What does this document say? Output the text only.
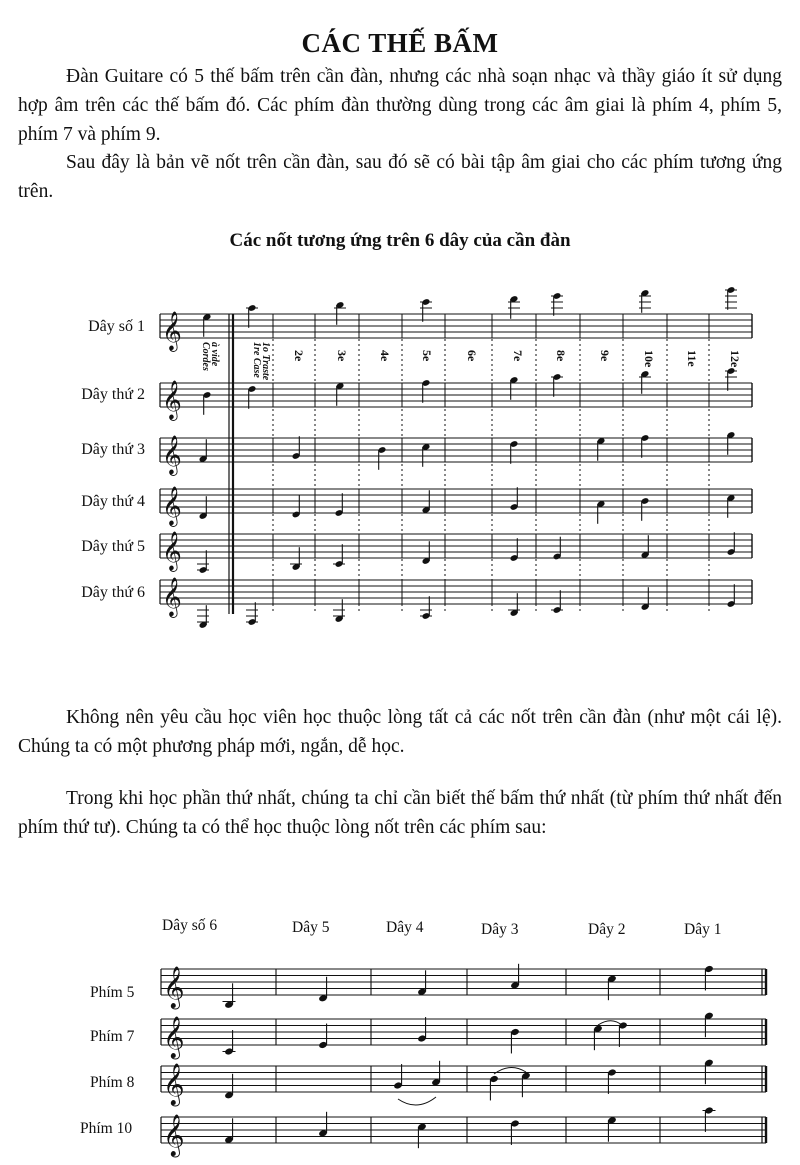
CÁC THẾ BẤM

Đàn Guitare có 5 thế bấm trên cần đàn, nhưng các nhà soạn nhạc và thầy giáo ít sử dụng hợp âm trên các thế bấm đó. Các phím đàn thường dùng trong các âm giai là phím 4, phím 5, phím 7 và phím 9.

Sau đây là bản vẽ nốt trên cần đàn, sau đó sẽ có bài tập âm giai cho các phím tương ứng trên.

Các nốt tương ứng trên 6 dây của cần đàn
Dây số 1
Dây thứ 2
Dây thứ 3
Dây thứ 4
Dây thứ 5
Dây thứ 6
𝄞
𝄞
𝄞
𝄞
𝄞
𝄞
2e 3e 4e 5e	6e	7e 8e	9e	10e 11e 12e
Cordes
à vide	1re Case
1o Traste

Không nên yêu cầu học viên học thuộc lòng tất cả các nốt trên cần đàn (như một cái lệ). Chúng ta có một phương pháp mới, ngắn, dễ học.

Trong khi học phần thứ nhất, chúng ta chỉ cần biết thế bấm thứ nhất (từ phím thứ nhất đến phím thứ tư). Chúng ta có thể học thuộc lòng nốt trên các phím sau:

Dây số 6	Dây 5	Dây 4	Dây 3	Dây 2	Dây 1
Phím 5
Phím 7
Phím 8
Phím 10
𝄞
𝄞
𝄞
𝄞
